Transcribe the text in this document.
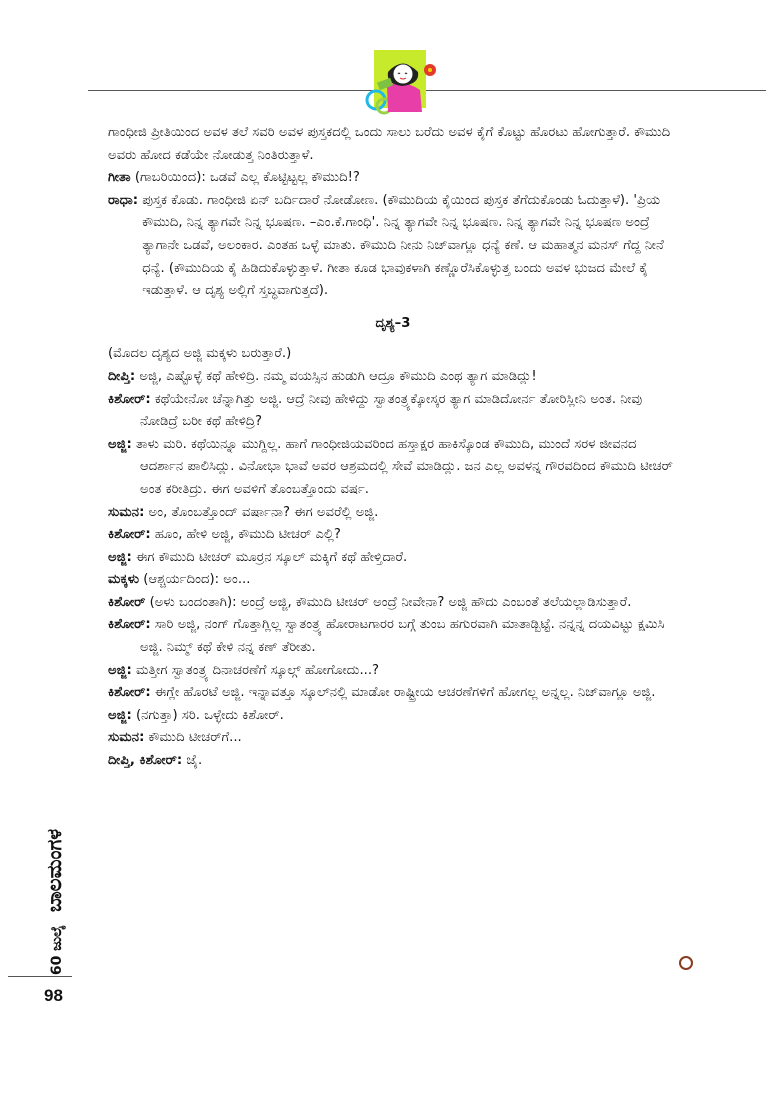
ಗಾಂಧೀಜಿ ಪ್ರೀತಿಯಿಂದ ಅವಳ ತಲೆ ಸವರಿ ಅವಳ ಪುಸ್ತಕದಲ್ಲಿ ಒಂದು ಸಾಲು ಬರೆದು ಅವಳ ಕೈಗೆ ಕೊಟ್ಟು ಹೊರಟು ಹೋಗುತ್ತಾರೆ. ಕೌಮುದಿ ಅವರು ಹೋದ ಕಡೆಯೇ ನೋಡುತ್ತ ನಿಂತಿರುತ್ತಾಳೆ.

ಗೀತಾ (ಗಾಬರಿಯಿಂದ): ಒಡವೆ ಎಲ್ಲ ಕೊಟ್ಟಿಟ್ಟಲ್ಲ ಕೌಮುದಿ!?

ರಾಧಾ:
ಪುಸ್ತಕ ಕೊಡು. ಗಾಂಧೀಜಿ ಏನ್ ಬರ್ದಿದಾರೆ ನೋಡೋಣ. (ಕೌಮುದಿಯ ಕೈಯಿಂದ ಪುಸ್ತಕ ತೆಗೆದುಕೊಂಡು ಓದುತ್ತಾಳೆ). 'ಪ್ರಿಯ ಕೌಮುದಿ, ನಿನ್ನ ತ್ಯಾಗವೇ ನಿನ್ನ ಭೂಷಣ. –ಎಂ.ಕೆ.ಗಾಂಧಿ'. ನಿನ್ನ ತ್ಯಾಗವೇ ನಿನ್ನ ಭೂಷಣ. ನಿನ್ನ ತ್ಯಾಗವೇ ನಿನ್ನ ಭೂಷಣ ಅಂದ್ರೆ ತ್ಯಾಗಾನೇ ಒಡವೆ, ಅಲಂಕಾರ. ಎಂತಹ ಒಳ್ಳೆ ಮಾತು. ಕೌಮುದಿ ನೀನು ನಿಜ್‌ವಾಗ್ಲೂ ಧನ್ಯೆ ಕಣೆ. ಆ ಮಹಾತ್ಮನ ಮನಸ್ ಗೆದ್ದ ನೀನೆ ಧನ್ಯೆ. (ಕೌಮುದಿಯ ಕೈ ಹಿಡಿದುಕೊಳ್ಳುತ್ತಾಳೆ. ಗೀತಾ ಕೂಡ ಭಾವುಕಳಾಗಿ ಕಣ್ಣೊರೆಸಿಕೊಳ್ಳುತ್ತ ಬಂದು ಅವಳ ಭುಜದ ಮೇಲೆ ಕೈ ಇಡುತ್ತಾಳೆ. ಆ ದೃಶ್ಯ ಅಲ್ಲಿಗೆ ಸ್ತಬ್ಧವಾಗುತ್ತದೆ).
ದೃಶ್ಯ–3

(ಮೊದಲ ದೃಶ್ಯದ ಅಜ್ಜಿ ಮಕ್ಕಳು ಬರುತ್ತಾರೆ.)

ದೀಪ್ತಿ: ಅಜ್ಜಿ, ಎಷ್ಟೊಳ್ಳೆ ಕಥೆ ಹೇಳಿದ್ರಿ. ನಮ್ಮ ವಯಸ್ಸಿನ ಹುಡುಗಿ ಆದ್ರೂ ಕೌಮುದಿ ಎಂಥ ತ್ಯಾಗ ಮಾಡಿದ್ಲು!

ಕಿಶೋರ್: ಕಥೆಯೇನೋ ಚೆನ್ನಾಗಿತ್ತು ಅಜ್ಜಿ. ಆದ್ರೆ ನೀವು ಹೇಳಿದ್ದು ಸ್ವಾತಂತ್ರ್ಯಕ್ಕೋಸ್ಕರ ತ್ಯಾಗ ಮಾಡಿದೋರ್ನ ತೋರಿಸ್ಲೀನಿ ಅಂತ. ನೀವು ನೋಡಿದ್ರೆ ಬರೀ ಕಥೆ ಹೇಳಿದ್ರಿ?

ಅಜ್ಜಿ: ತಾಳು ಮರಿ. ಕಥೆಯಿನ್ನೂ ಮುಗ್ದಿಲ್ಲ. ಹಾಗೆ ಗಾಂಧೀಜಿಯವರಿಂದ ಹಸ್ತಾಕ್ಷರ ಹಾಕಿಸ್ಕೊಂಡ ಕೌಮುದಿ, ಮುಂದೆ ಸರಳ ಜೀವನದ ಆದರ್ಶಾನ ಪಾಲಿಸಿದ್ಲು. ವಿನೋಭಾ ಭಾವೆ ಅವರ ಆಶ್ರಮದಲ್ಲಿ ಸೇವೆ ಮಾಡಿದ್ಲು. ಜನ ಎಲ್ಲ ಅವಳನ್ನ ಗೌರವದಿಂದ ಕೌಮುದಿ ಟೀಚರ್ ಅಂತ ಕರೀತಿದ್ರು. ಈಗ ಅವಳಿಗೆ ತೊಂಬತ್ತೊಂದು ವರ್ಷ.

ಸುಮನ: ಅಂ, ತೊಂಬತ್ತೊಂದ್ ವರ್ಷಾನಾ? ಈಗ ಅವರೆಲ್ಲಿ ಅಜ್ಜಿ.

ಕಿಶೋರ್: ಹೂಂ, ಹೇಳಿ ಅಜ್ಜಿ, ಕೌಮುದಿ ಟೀಚರ್ ಎಲ್ಲಿ?

ಅಜ್ಜಿ: ಈಗ ಕೌಮುದಿ ಟೀಚರ್ ಮೂರ್ರನ ಸ್ಕೂಲ್ ಮಕ್ಕಿಗೆ ಕಥೆ ಹೇಳ್ತಿದಾರೆ.

ಮಕ್ಕಳು (ಆಶ್ಚರ್ಯದಿಂದ): ಅಂ...

ಕಿಶೋರ್ (ಅಳು ಬಂದಂತಾಗಿ): ಅಂದ್ರೆ ಅಜ್ಜಿ, ಕೌಮುದಿ ಟೀಚರ್ ಅಂದ್ರೆ ನೀವೇನಾ? ಅಜ್ಜಿ ಹೌದು ಎಂಬಂತೆ ತಲೆಯಲ್ಲಾಡಿಸುತ್ತಾರೆ.

ಕಿಶೋರ್: ಸಾರಿ ಅಜ್ಜಿ, ನಂಗ್ ಗೊತ್ತಾಗ್ಲಿಲ್ಲ ಸ್ವಾತಂತ್ರ್ಯ ಹೋರಾಟಗಾರರ ಬಗ್ಗೆ ತುಂಬ ಹಗುರವಾಗಿ ಮಾತಾಡ್ಬಿಟ್ಟೆ. ನನ್ನನ್ನ ದಯವಿಟ್ಟು ಕ್ಷಮಿಸಿ ಅಜ್ಜಿ. ನಿಮ್ಮ್ ಕಥೆ ಕೇಳಿ ನನ್ನ ಕಣ್ ತೆರೀತು.

ಅಜ್ಜಿ: ಮತ್ತೀಗ ಸ್ವಾತಂತ್ರ್ಯ ದಿನಾಚರಣೆಗೆ ಸ್ಕೂಲ್ಗ್ ಹೋಗೋದು...?

ಕಿಶೋರ್: ಈಗ್ಲೇ ಹೊರಟೆ ಅಜ್ಜಿ. ಇನ್ನಾವತ್ತೂ ಸ್ಕೂಲ್‌ನಲ್ಲಿ ಮಾಡೋ ರಾಷ್ಟ್ರೀಯ ಆಚರಣೆಗಳಿಗೆ ಹೋಗಲ್ಲ ಅನ್ನಲ್ಲ. ನಿಜ್‌ವಾಗ್ಲೂ ಅಜ್ಜಿ.

ಅಜ್ಜಿ: (ನಗುತ್ತಾ) ಸರಿ. ಒಳ್ಳೇದು ಕಿಶೋರ್.

ಸುಮನ: ಕೌಮುದಿ ಟೀಚರ್‌ಗೆ...

ದೀಪ್ತಿ, ಕಿಶೋರ್: ಜೈ.

60 ಜುಲೈ ಬಾಲಮಂಗಳ
98
